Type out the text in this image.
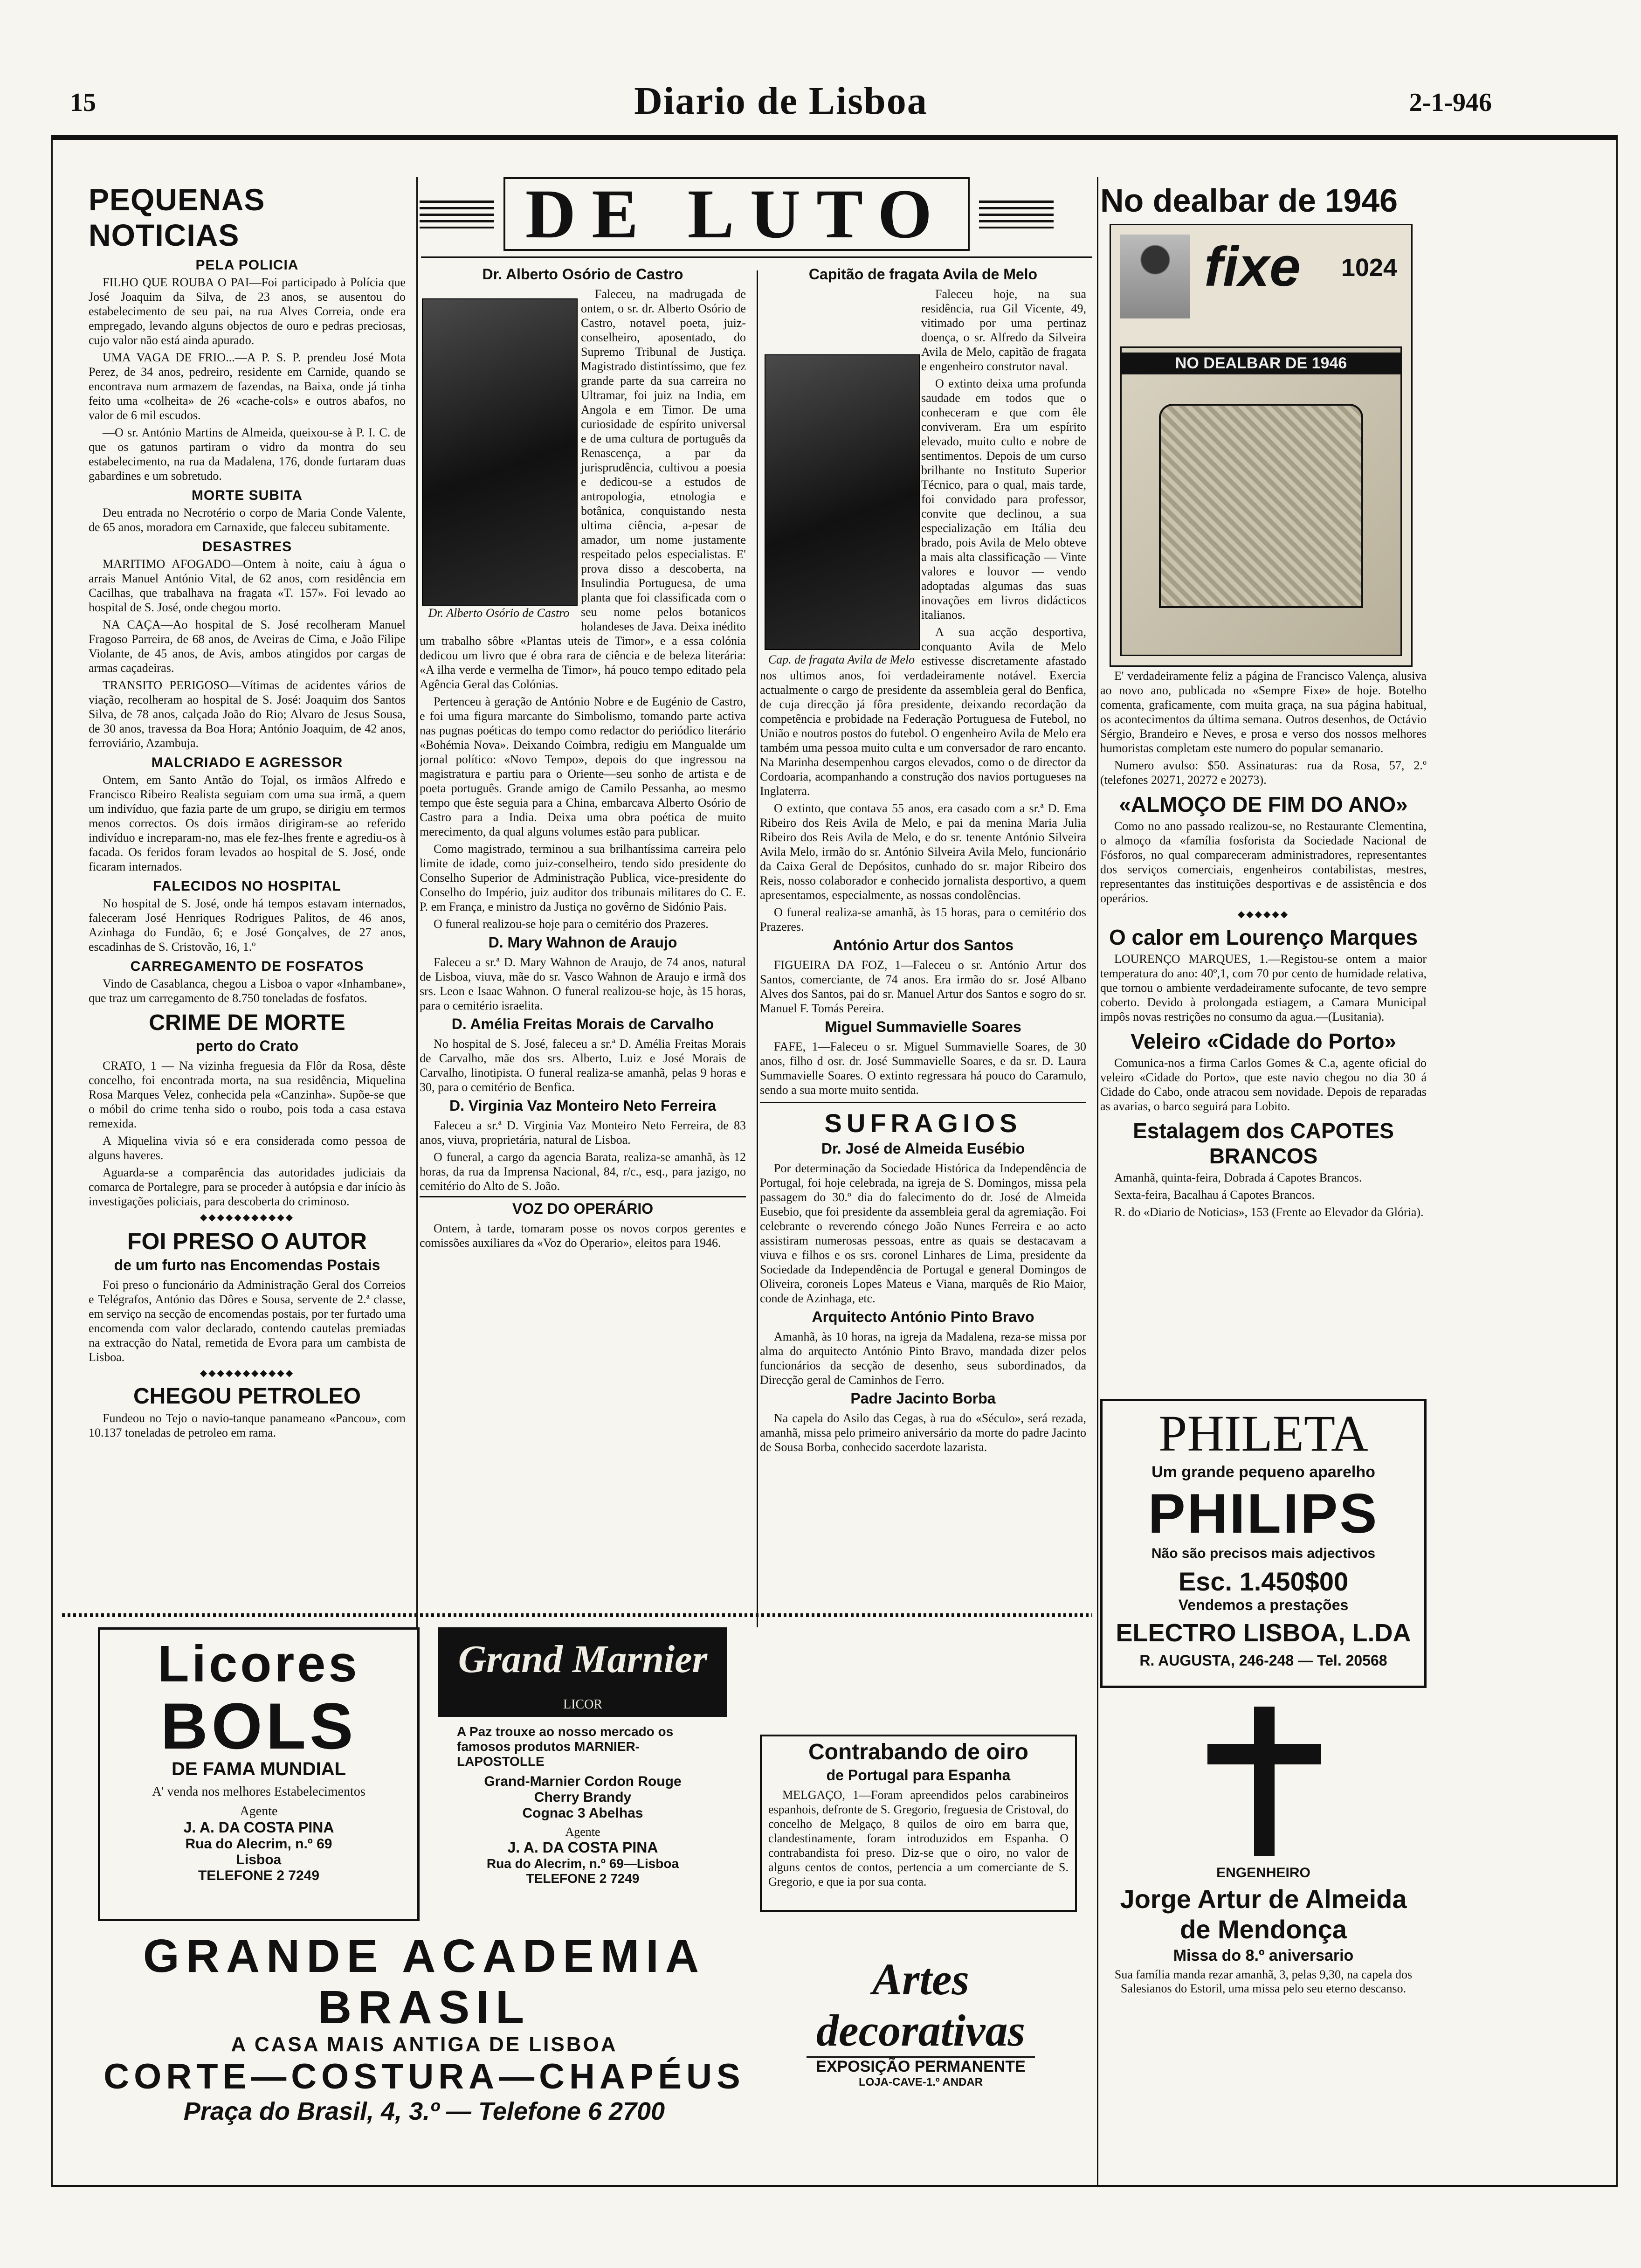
15	Diario de Lisboa	2-1-946
PEQUENAS NOTICIAS
PELA POLICIA

FILHO QUE ROUBA O PAI—Foi participado à Polícia que José Joaquim da Silva, de 23 anos, se ausentou do estabelecimento de seu pai, na rua Alves Correia, onde era empregado, levando alguns objectos de ouro e pedras preciosas, cujo valor não está ainda apurado.

UMA VAGA DE FRIO...—A P. S. P. prendeu José Mota Perez, de 34 anos, pedreiro, residente em Carnide, quando se encontrava num armazem de fazendas, na Baixa, onde já tinha feito uma «colheita» de 26 «cache-cols» e outros abafos, no valor de 6 mil escudos.

—O sr. António Martins de Almeida, queixou-se à P. I. C. de que os gatunos partiram o vidro da montra do seu estabelecimento, na rua da Madalena, 176, donde furtaram duas gabardines e um sobretudo.

MORTE SUBITA

Deu entrada no Necrotério o corpo de Maria Conde Valente, de 65 anos, moradora em Carnaxide, que faleceu subitamente.

DESASTRES

MARITIMO AFOGADO—Ontem à noite, caiu à água o arrais Manuel António Vital, de 62 anos, com residência em Cacilhas, que trabalhava na fragata «T. 157». Foi levado ao hospital de S. José, onde chegou morto.

NA CAÇA—Ao hospital de S. José recolheram Manuel Fragoso Parreira, de 68 anos, de Aveiras de Cima, e João Filipe Violante, de 45 anos, de Avis, ambos atingidos por cargas de armas caçadeiras.

TRANSITO PERIGOSO—Vítimas de acidentes vários de viação, recolheram ao hospital de S. José: Joaquim dos Santos Silva, de 78 anos, calçada João do Rio; Alvaro de Jesus Sousa, de 30 anos, travessa da Boa Hora; António Joaquim, de 42 anos, ferroviário, Azambuja.

MALCRIADO E AGRESSOR

Ontem, em Santo Antão do Tojal, os irmãos Alfredo e Francisco Ribeiro Realista seguiam com uma sua irmã, a quem um indivíduo, que fazia parte de um grupo, se dirigiu em termos menos correctos. Os dois irmãos dirigiram-se ao referido indivíduo e increparam-no, mas ele fez-lhes frente e agrediu-os à facada. Os feridos foram levados ao hospital de S. José, onde ficaram internados.

FALECIDOS NO HOSPITAL

No hospital de S. José, onde há tempos estavam internados, faleceram José Henriques Rodrigues Palitos, de 46 anos, Azinhaga do Fundão, 6; e José Gonçalves, de 27 anos, escadinhas de S. Cristovão, 16, 1.º

CARREGAMENTO DE FOSFATOS

Vindo de Casablanca, chegou a Lisboa o vapor «Inhambane», que traz um carregamento de 8.750 toneladas de fosfatos.

CRIME DE MORTE
perto do Crato

CRATO, 1 — Na vizinha freguesia da Flôr da Rosa, dêste concelho, foi encontrada morta, na sua residência, Miquelina Rosa Marques Velez, conhecida pela «Canzinha». Supõe-se que o móbil do crime tenha sido o roubo, pois toda a casa estava remexida.

A Miquelina vivia só e era considerada como pessoa de alguns haveres.

Aguarda-se a comparência das autoridades judiciais da comarca de Portalegre, para se proceder à autópsia e dar início às investigações policiais, para descoberta do criminoso.

◆◆◆◆◆◆◆◆◆◆◆
FOI PRESO O AUTOR
de um furto nas Encomendas Postais

Foi preso o funcionário da Administração Geral dos Correios e Telégrafos, António das Dôres e Sousa, servente de 2.ª classe, em serviço na secção de encomendas postais, por ter furtado uma encomenda com valor declarado, contendo cautelas premiadas na extracção do Natal, remetida de Evora para um cambista de Lisboa.

◆◆◆◆◆◆◆◆◆◆◆
CHEGOU PETROLEO

Fundeou no Tejo o navio-tanque panameano «Pancou», com 10.137 toneladas de petroleo em rama.

DE LUTO
Dr. Alberto Osório de Castro

Faleceu, na madrugada de ontem, o sr. dr. Alberto Osório de Castro, notavel poeta, juiz-conselheiro, aposentado, do Supremo Tribunal de Justiça. Magistrado distintíssimo, que fez grande parte da sua carreira no Ultramar, foi juiz na India, em Angola e em Timor. De uma curiosidade de espírito universal e de uma cultura de português da Renascença, a par da jurisprudência, cultivou a poesia e dedicou-se a estudos de antropologia, etnologia e botânica, conquistando nesta ultima ciência, a-pesar de amador, um nome justamente respeitado pelos especialistas. E' prova disso a descoberta, na Insulindia Portuguesa, de uma planta que foi classificada com o seu nome pelos botanicos holandeses de Java. Deixa inédito um trabalho sôbre «Plantas uteis de Timor», e a essa colónia dedicou um livro que é obra rara de ciência e de beleza literária: «A ilha verde e vermelha de Timor», há pouco tempo editado pela Agência Geral das Colónias.

Pertenceu à geração de António Nobre e de Eugénio de Castro, e foi uma figura marcante do Simbolismo, tomando parte activa nas pugnas poéticas do tempo como redactor do periódico literário «Bohémia Nova». Deixando Coimbra, redigiu em Mangualde um jornal político: «Novo Tempo», depois do que ingressou na magistratura e partiu para o Oriente—seu sonho de artista e de poeta português. Grande amigo de Camilo Pessanha, ao mesmo tempo que êste seguia para a China, embarcava Alberto Osório de Castro para a India. Deixa uma obra poética de muito merecimento, da qual alguns volumes estão para publicar.

Como magistrado, terminou a sua brilhantíssima carreira pelo limite de idade, como juiz-conselheiro, tendo sido presidente do Conselho Superior de Administração Publica, vice-presidente do Conselho do Império, juiz auditor dos tribunais militares do C. E. P. em França, e ministro da Justiça no govêrno de Sidónio Pais.

O funeral realizou-se hoje para o cemitério dos Prazeres.

D. Mary Wahnon de Araujo

Faleceu a sr.ª D. Mary Wahnon de Araujo, de 74 anos, natural de Lisboa, viuva, mãe do sr. Vasco Wahnon de Araujo e irmã dos srs. Leon e Isaac Wahnon. O funeral realizou-se hoje, às 15 horas, para o cemitério israelita.

D. Amélia Freitas Morais de Carvalho

No hospital de S. José, faleceu a sr.ª D. Amélia Freitas Morais de Carvalho, mãe dos srs. Alberto, Luiz e José Morais de Carvalho, linotipista. O funeral realiza-se amanhã, pelas 9 horas e 30, para o cemitério de Benfica.

D. Virginia Vaz Monteiro Neto Ferreira

Faleceu a sr.ª D. Virginia Vaz Monteiro Neto Ferreira, de 83 anos, viuva, proprietária, natural de Lisboa.

O funeral, a cargo da agencia Barata, realiza-se amanhã, às 12 horas, da rua da Imprensa Nacional, 84, r/c., esq., para jazigo, no cemitério do Alto de S. João.

VOZ DO OPERÁRIO

Ontem, à tarde, tomaram posse os novos corpos gerentes e comissões auxiliares da «Voz do Operario», eleitos para 1946.

Dr. Alberto Osório de Castro
Capitão de fragata Avila de Melo

Faleceu hoje, na sua residência, rua Gil Vicente, 49, vitimado por uma pertinaz doença, o sr. Alfredo da Silveira Avila de Melo, capitão de fragata e engenheiro construtor naval.

O extinto deixa uma profunda saudade em todos que o conheceram e que com êle conviveram. Era um espírito elevado, muito culto e nobre de sentimentos. Depois de um curso brilhante no Instituto Superior Técnico, para o qual, mais tarde, foi convidado para professor, convite que declinou, a sua especialização em Itália deu brado, pois Avila de Melo obteve a mais alta classificação — Vinte valores e louvor — vendo adoptadas algumas das suas inovações em livros didácticos italianos.

A sua acção desportiva, conquanto Avila de Melo estivesse discretamente afastado nos ultimos anos, foi verdadeiramente notável. Exercia actualmente o cargo de presidente da assembleia geral do Benfica, de cuja direcção já fôra presidente, deixando recordação da competência e probidade na Federação Portuguesa de Futebol, no União e noutros postos do futebol. O engenheiro Avila de Melo era também uma pessoa muito culta e um conversador de raro encanto. Na Marinha desempenhou cargos elevados, como o de director da Cordoaria, acompanhando a construção dos navios portugueses na Inglaterra.

O extinto, que contava 55 anos, era casado com a sr.ª D. Ema Ribeiro dos Reis Avila de Melo, e pai da menina Maria Julia Ribeiro dos Reis Avila de Melo, e do sr. tenente António Silveira Avila Melo, irmão do sr. António Silveira Avila Melo, funcionário da Caixa Geral de Depósitos, cunhado do sr. major Ribeiro dos Reis, nosso colaborador e conhecido jornalista desportivo, a quem apresentamos, especialmente, as nossas condolências.

O funeral realiza-se amanhã, às 15 horas, para o cemitério dos Prazeres.

António Artur dos Santos

FIGUEIRA DA FOZ, 1—Faleceu o sr. António Artur dos Santos, comerciante, de 74 anos. Era irmão do sr. José Albano Alves dos Santos, pai do sr. Manuel Artur dos Santos e sogro do sr. Manuel F. Tomás Pereira.

Miguel Summavielle Soares

FAFE, 1—Faleceu o sr. Miguel Summavielle Soares, de 30 anos, filho d osr. dr. José Summavielle Soares, e da sr. D. Laura Summavielle Soares. O extinto regressara há pouco do Caramulo, sendo a sua morte muito sentida.

SUFRAGIOS
Dr. José de Almeida Eusébio

Por determinação da Sociedade Histórica da Independência de Portugal, foi hoje celebrada, na igreja de S. Domingos, missa pela passagem do 30.º dia do falecimento do dr. José de Almeida Eusebio, que foi presidente da assembleia geral da agremiação. Foi celebrante o reverendo cónego João Nunes Ferreira e ao acto assistiram numerosas pessoas, entre as quais se destacavam a viuva e filhos e os srs. coronel Linhares de Lima, presidente da Sociedade da Independência de Portugal e general Domingos de Oliveira, coroneis Lopes Mateus e Viana, marquês de Rio Maior, conde de Azinhaga, etc.

Arquitecto António Pinto Bravo

Amanhã, às 10 horas, na igreja da Madalena, reza-se missa por alma do arquitecto António Pinto Bravo, mandada dizer pelos funcionários da secção de desenho, seus subordinados, da Direcção geral de Caminhos de Ferro.

Padre Jacinto Borba

Na capela do Asilo das Cegas, à rua do «Século», será rezada, amanhã, missa pelo primeiro aniversário da morte do padre Jacinto de Sousa Borba, conhecido sacerdote lazarista.

Cap. de fragata Avila de Melo
No dealbar de 1946

E' verdadeiramente feliz a página de Francisco Valença, alusiva ao novo ano, publicada no «Sempre Fixe» de hoje. Botelho comenta, graficamente, com muita graça, na sua página habitual, os acontecimentos da última semana. Outros desenhos, de Octávio Sérgio, Brandeiro e Neves, e prosa e verso dos nossos melhores humoristas completam este numero do popular semanario.

Numero avulso: $50. Assinaturas: rua da Rosa, 57, 2.º (telefones 20271, 20272 e 20273).

«ALMOÇO DE FIM DO ANO»

Como no ano passado realizou-se, no Restaurante Clementina, o almoço da «família fosforista da Sociedade Nacional de Fósforos, no qual compareceram administradores, representantes dos serviços comerciais, engenheiros contabilistas, mestres, representantes das instituições desportivas e de assistência e dos operários.

◆◆◆◆◆◆
O calor em Lourenço Marques

LOURENÇO MARQUES, 1.—Registou-se ontem a maior temperatura do ano: 40º,1, com 70 por cento de humidade relativa, que tornou o ambiente verdadeiramente sufocante, de tevo sempre coberto. Devido à prolongada estiagem, a Camara Municipal impôs novas restrições no consumo da agua.—(Lusitania).

Veleiro «Cidade do Porto»

Comunica-nos a firma Carlos Gomes & C.a, agente oficial do veleiro «Cidade do Porto», que este navio chegou no dia 30 á Cidade do Cabo, onde atracou sem novidade. Depois de reparadas as avarias, o barco seguirá para Lobito.

Estalagem dos CAPOTES BRANCOS

Amanhã, quinta-feira, Dobrada á Capotes Brancos.

Sexta-feira, Bacalhau á Capotes Brancos.

R. do «Diario de Noticias», 153 (Frente ao Elevador da Glória).

fixe 1024
NO DEALBAR DE 1946
PHILETA
Um grande pequeno aparelho
PHILIPS
Não são precisos mais adjectivos
Esc. 1.450$00
Vendemos a prestações
ELECTRO LISBOA, L.DA
R. AUGUSTA, 246-248 — Tel. 20568
ENGENHEIRO
Jorge Artur de Almeida
de Mendonça
Missa do 8.º aniversario
Sua família manda rezar amanhã, 3, pelas 9,30, na capela dos Salesianos do Estoril, uma missa pelo seu eterno descanso.
Licores
BOLS
DE FAMA MUNDIAL
A' venda nos melhores Estabelecimentos
Agente
J. A. DA COSTA PINA
Rua do Alecrim, n.º 69
Lisboa
TELEFONE 2 7249
Grand Marnier
LICOR
A Paz trouxe ao nosso mercado os famosos produtos MARNIER-LAPOSTOLLE
Grand-Marnier Cordon Rouge
Cherry Brandy
Cognac 3 Abelhas
Agente
J. A. DA COSTA PINA
Rua do Alecrim, n.º 69—Lisboa
TELEFONE 2 7249
Contrabando de oiro
de Portugal para Espanha

MELGAÇO, 1—Foram apreendidos pelos carabineiros espanhois, defronte de S. Gregorio, freguesia de Cristoval, do concelho de Melgaço, 8 quilos de oiro em barra que, clandestinamente, foram introduzidos em Espanha. O contrabandista foi preso. Diz-se que o oiro, no valor de alguns centos de contos, pertencia a um comerciante de S. Gregorio, e que ia por sua conta.

GRANDE ACADEMIA BRASIL
A CASA MAIS ANTIGA DE LISBOA
CORTE—COSTURA—CHAPÉUS
Praça do Brasil, 4, 3.º — Telefone 6 2700
Artes decorativas
EXPOSIÇÃO PERMANENTE
LOJA-CAVE-1.º ANDAR
